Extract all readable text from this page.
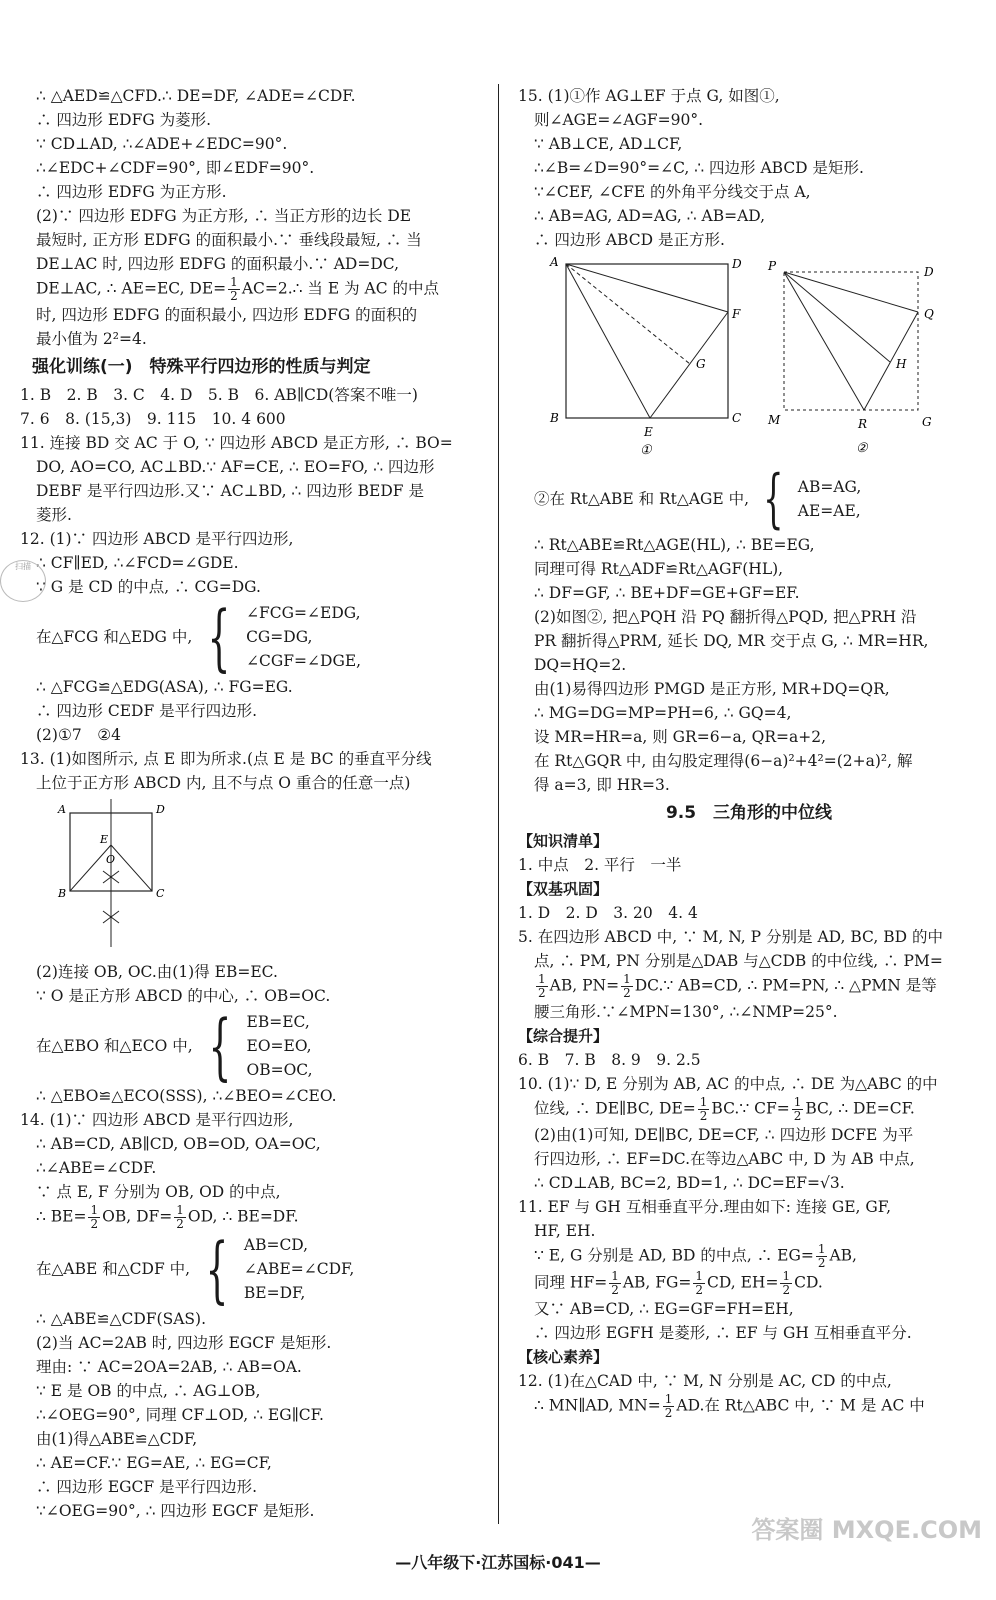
∴ △AED≌△CFD.∴ DE=DF, ∠ADE=∠CDF.
∴ 四边形 EDFG 为菱形.
∵ CD⊥AD, ∴∠ADE+∠EDC=90°.
∴∠EDC+∠CDF=90°, 即∠EDF=90°.
∴ 四边形 EDFG 为正方形.
(2)∵ 四边形 EDFG 为正方形, ∴ 当正方形的边长 DE
最短时, 正方形 EDFG 的面积最小.∵ 垂线段最短, ∴ 当
DE⊥AC 时, 四边形 EDFG 的面积最小.∵ AD=DC,
DE⊥AC, ∴ AE=EC, $DE= \frac{1}{2}$ AC=2.∴ 当 E 为 AC 的中点
时, 四边形 EDFG 的面积最小, 四边形 EDFG 的面积的
最小值为 2²=4.
强化训练(一)　特殊平行四边形的性质与判定
1. B　2. B　3. C　4. D　5. B　6. AB∥CD(答案不唯一)
7. 6　8. (15,3)　9. 115　10. 4 600
11. 连接 BD 交 AC 于 O, ∵ 四边形 ABCD 是正方形, ∴ BO=
DO, AO=CO, AC⊥BD.∵ AF=CE, ∴ EO=FO, ∴ 四边形
DEBF 是平行四边形.又∵ AC⊥BD, ∴ 四边形 BEDF 是
菱形.
12. (1)∵ 四边形 ABCD 是平行四边形,
∴ CF∥ED, ∴∠FCD=∠GDE.
∵ G 是 CD 的中点, ∴ CG=DG.
在△FCG 和△EDG 中, { ∠FCG=∠EDG,
CG=DG,
∠CGF=∠DGE,
∴ △FCG≌△EDG(ASA), ∴ FG=EG.
∴ 四边形 CEDF 是平行四边形.
(2)①7　②4
13. (1)如图所示, 点 E 即为所求.(点 E 是 BC 的垂直平分线
上位于正方形 ABCD 内, 且不与点 O 重合的任意一点)
A	D
B	C
E
O
(2)连接 OB, OC.由(1)得 EB=EC.
∵ O 是正方形 ABCD 的中心, ∴ OB=OC.
在△EBO 和△ECO 中, { EB=EC,
EO=EO,
OB=OC,
∴ △EBO≌△ECO(SSS), ∴∠BEO=∠CEO.
14. (1)∵ 四边形 ABCD 是平行四边形,
∴ AB=CD, AB∥CD, OB=OD, OA=OC,
∴∠ABE=∠CDF.
∵ 点 E, F 分别为 OB, OD 的中点,
∴ $BE= \frac{1}{2}$ OB, $DF= \frac{1}{2}$ OD, ∴ BE=DF.
在△ABE 和△CDF 中, { AB=CD,
∠ABE=∠CDF,
BE=DF,
∴ △ABE≌△CDF(SAS).
(2)当 AC=2AB 时, 四边形 EGCF 是矩形.
理由: ∵ AC=2OA=2AB, ∴ AB=OA.
∵ E 是 OB 的中点, ∴ AG⊥OB,
∴∠OEG=90°, 同理 CF⊥OD, ∴ EG∥CF.
由(1)得△ABE≌△CDF,
∴ AE=CF.∵ EG=AE, ∴ EG=CF,
∴ 四边形 EGCF 是平行四边形.
∵∠OEG=90°, ∴ 四边形 EGCF 是矩形.
扫描
15. (1)①作 AG⊥EF 于点 G, 如图①,
则∠AGE=∠AGF=90°.
∵ AB⊥CE, AD⊥CF,
∴∠B=∠D=90°=∠C, ∴ 四边形 ABCD 是矩形.
∵∠CEF, ∠CFE 的外角平分线交于点 A,
∴ AB=AG, AD=AG, ∴ AB=AD,
∴ 四边形 ABCD 是正方形.
A	D
F
G
B	C
E
①
P	D
Q
H
M	R	G
②
②在 Rt△ABE 和 Rt△AGE 中, { AB=AG,
AE=AE,
∴ Rt△ABE≌Rt△AGE(HL), ∴ BE=EG,
同理可得 Rt△ADF≌Rt△AGF(HL),
∴ DF=GF, ∴ BE+DF=GE+GF=EF.
(2)如图②, 把△PQH 沿 PQ 翻折得△PQD, 把△PRH 沿
PR 翻折得△PRM, 延长 DQ, MR 交于点 G, ∴ MR=HR,
DQ=HQ=2.
由(1)易得四边形 PMGD 是正方形, MR+DQ=QR,
∴ MG=DG=MP=PH=6, ∴ GQ=4,
设 MR=HR=a, 则 GR=6−a, QR=a+2,
在 Rt△GQR 中, 由勾股定理得(6−a)²+4²=(2+a)², 解
得 a=3, 即 HR=3.
9.5　三角形的中位线
【知识清单】
1. 中点　2. 平行　一半
【双基巩固】
1. D　2. D　3. 20　4. 4
5. 在四边形 ABCD 中, ∵ M, N, P 分别是 AD, BC, BD 的中
点, ∴ PM, PN 分别是△DAB 与△CDB 的中位线, ∴ PM=
$\frac{1}{2}$ AB, $PN= \frac{1}{2}$ DC.∵ AB=CD, ∴ PM=PN, ∴ △PMN 是等
腰三角形.∵∠MPN=130°, ∴∠NMP=25°.
【综合提升】
6. B　7. B　8. 9　9. 2.5
10. (1)∵ D, E 分别为 AB, AC 的中点, ∴ DE 为△ABC 的中
位线, ∴ DE∥BC, $DE= \frac{1}{2}$ BC.∵ $CF= \frac{1}{2}$ BC, ∴ DE=CF.
(2)由(1)可知, DE∥BC, DE=CF, ∴ 四边形 DCFE 为平
行四边形, ∴ EF=DC.在等边△ABC 中, D 为 AB 中点,
∴ CD⊥AB, BC=2, BD=1, ∴ DC=EF=√3.
11. EF 与 GH 互相垂直平分.理由如下: 连接 GE, GF,
HF, EH.
∵ E, G 分别是 AD, BD 的中点, ∴ $EG= \frac{1}{2}$ AB,
同理 $HF= \frac{1}{2}$ AB, $FG= \frac{1}{2}$ CD, $EH= \frac{1}{2}$ CD.
又∵ AB=CD, ∴ EG=GF=FH=EH,
∴ 四边形 EGFH 是菱形, ∴ EF 与 GH 互相垂直平分.
【核心素养】
12. (1)在△CAD 中, ∵ M, N 分别是 AC, CD 的中点,
∴ MN∥AD, $MN= \frac{1}{2}$ AD.在 Rt△ABC 中, ∵ M 是 AC 中
—八年级下·江苏国标·041—
答案圈 MXQE.COM
